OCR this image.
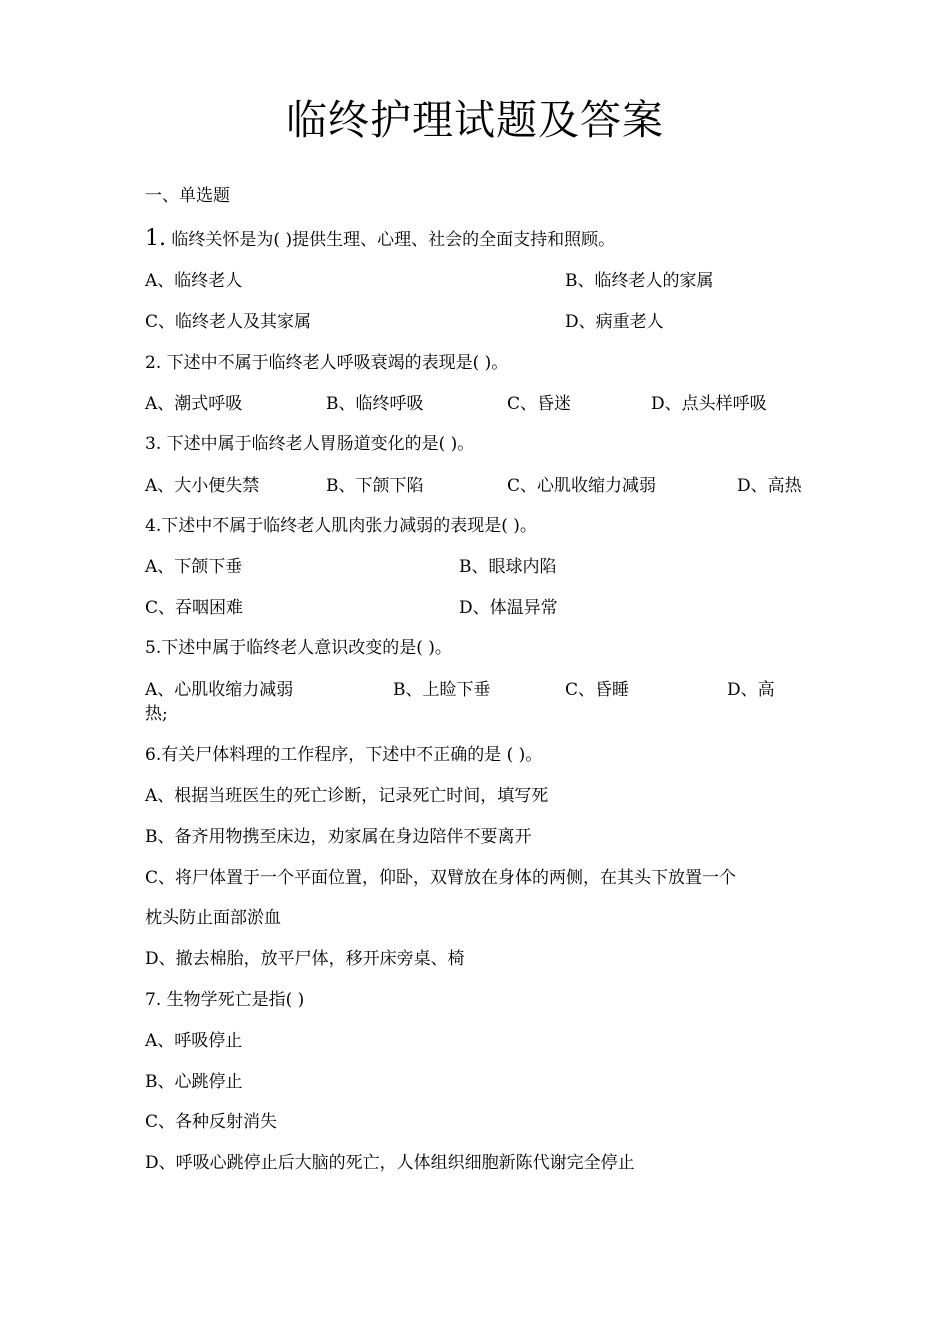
临终护理试题及答案
一、单选题
1. 临终关怀是为( )提供生理、心理、社会的全面支持和照顾。
A、临终老人	B、临终老人的家属
C、临终老人及其家属	D、病重老人
2. 下述中不属于临终老人呼吸衰竭的表现是( )。
A、潮式呼吸	B、临终呼吸	C、昏迷	D、点头样呼吸
3. 下述中属于临终老人胃肠道变化的是( )。
A、大小便失禁	B、下颌下陷	C、心肌收缩力减弱	D、高热
4.下述中不属于临终老人肌肉张力减弱的表现是( )。
A、下颌下垂	B、眼球内陷
C、吞咽困难	D、体温异常
5.下述中属于临终老人意识改变的是( )。
A、心肌收缩力减弱	B、上睑下垂	C、昏睡	D、高
热;
6.有关尸体料理的工作程序，下述中不正确的是 ( )。
A、根据当班医生的死亡诊断，记录死亡时间，填写死
B、备齐用物携至床边，劝家属在身边陪伴不要离开
C、将尸体置于一个平面位置，仰卧，双臂放在身体的两侧，在其头下放置一个
枕头防止面部淤血
D、撤去棉胎，放平尸体，移开床旁桌、椅
7. 生物学死亡是指( )
A、呼吸停止
B、心跳停止
C、各种反射消失
D、呼吸心跳停止后大脑的死亡，人体组织细胞新陈代谢完全停止
